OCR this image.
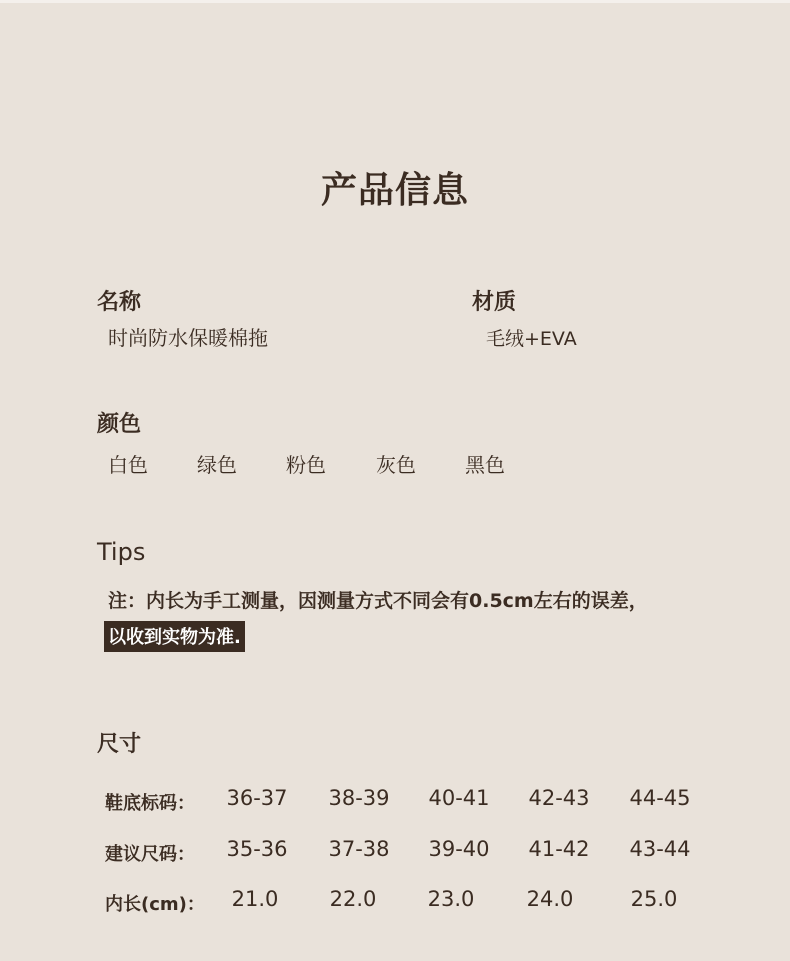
产品信息
名称
时尚防水保暖棉拖
材质
毛绒+EVA
颜色
白色 绿色 粉色	灰色 黑色
Tips
注：内长为手工测量，因测量方式不同会有0.5cm左右的误差，
以收到实物为准.
尺寸
鞋底标码：	36-37	38-39	40-41	42-43	44-45
建议尺码：	35-36	37-38	39-40	41-42	43-44
内长(cm)：	21.0	22.0	23.0	24.0	25.0
